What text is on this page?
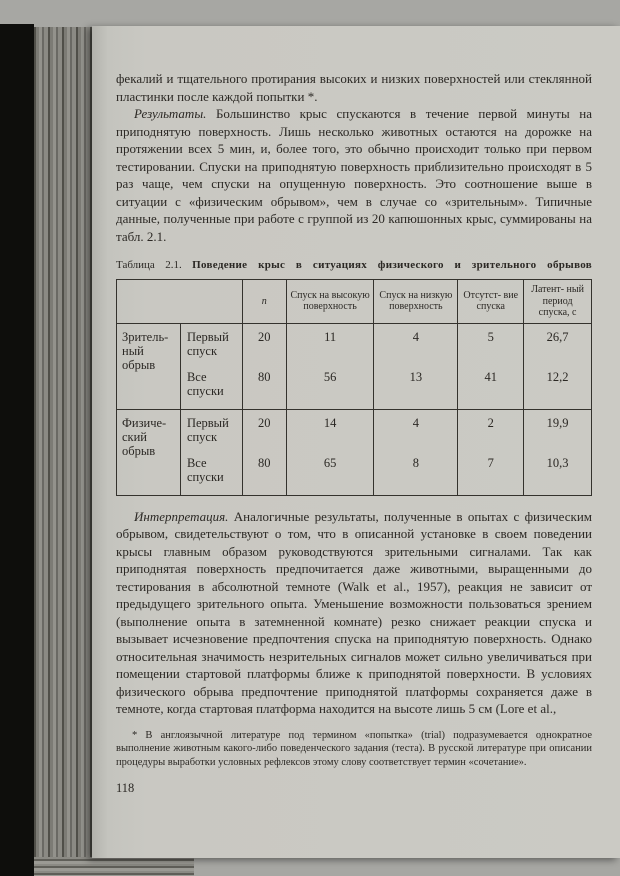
фекалий и тщательного протирания высоких и низких поверхностей или стеклянной пластинки после каждой попытки *.

Результаты. Большинство крыс спускаются в течение первой минуты на приподнятую поверхность. Лишь несколько животных остаются на дорожке на протяжении всех 5 мин, и, более того, это обычно происходит только при первом тестировании. Спуски на приподнятую поверхность приблизительно происходят в 5 раз чаще, чем спуски на опущенную поверхность. Это соотношение выше в ситуации с «физическим обрывом», чем в случае со «зрительным». Типичные данные, полученные при работе с группой из 20 капюшонных крыс, суммированы на табл. 2.1.

Таблица 2.1. Поведение крыс в ситуациях физического и зрительного обрывов
		n	Спуск на высокую поверхность	Спуск на низкую поверхность	Отсутст- вие спуска	Латент- ный период спуска, с

Зритель-
ный обрыв	Первый спуск	20	11	4	5	26,7
	Все спуски	80	56	13	41	12,2

Физиче-
ский обрыв	Первый спуск	20	14	4	2	19,9
	Все спуски	80	65	8	7	10,3

Интерпретация. Аналогичные результаты, полученные в опытах с физическим обрывом, свидетельствуют о том, что в описанной установке в своем поведении крысы главным образом руководствуются зрительными сигналами. Так как приподнятая поверхность предпочитается даже животными, выращенными до тестирования в абсолютной темноте (Walk et al., 1957), реакция не зависит от предыдущего зрительного опыта. Уменьшение возможности пользоваться зрением (выполнение опыта в затемненной комнате) резко снижает реакции спуска и вызывает исчезновение предпочтения спуска на приподнятую поверхность. Однако относительная значимость незрительных сигналов может сильно увеличиваться при помещении стартовой платформы ближе к приподнятой поверхности. В условиях физического обрыва предпочтение приподнятой платформы сохраняется даже в темноте, когда стартовая платформа находится на высоте лишь 5 см (Lore et al.,

* В англоязычной литературе под термином «попытка» (trial) подразумевается однократное выполнение животным какого-либо поведенческого задания (теста). В русской литературе при описании процедуры выработки условных рефлексов этому слову соответствует термин «сочетание».

118
